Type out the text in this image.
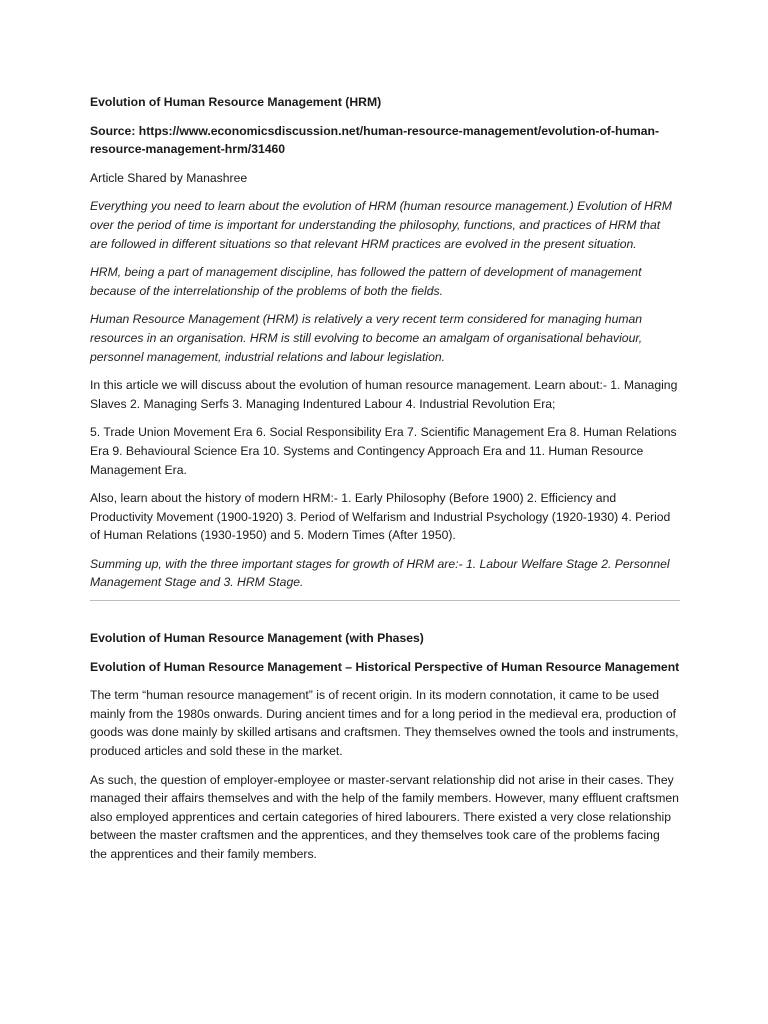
Evolution of Human Resource Management (HRM)

Source: https://www.economicsdiscussion.net/human-resource-management/evolution-of-human-resource-management-hrm/31460

Article Shared by Manashree

Everything you need to learn about the evolution of HRM (human resource management.) Evolution of HRM over the period of time is important for understanding the philosophy, functions, and practices of HRM that are followed in different situations so that relevant HRM practices are evolved in the present situation.

HRM, being a part of management discipline, has followed the pattern of development of management because of the interrelationship of the problems of both the fields.

Human Resource Management (HRM) is relatively a very recent term considered for managing human resources in an organisation. HRM is still evolving to become an amalgam of organisational behaviour, personnel management, industrial relations and labour legislation.

In this article we will discuss about the evolution of human resource management. Learn about:- 1. Managing Slaves 2. Managing Serfs 3. Managing Indentured Labour 4. Industrial Revolution Era;

5. Trade Union Movement Era 6. Social Responsibility Era 7. Scientific Management Era 8. Human Relations Era 9. Behavioural Science Era 10. Systems and Contingency Approach Era and 11. Human Resource Management Era.

Also, learn about the history of modern HRM:- 1. Early Philosophy (Before 1900) 2. Efficiency and Productivity Movement (1900-1920) 3. Period of Welfarism and Industrial Psychology (1920-1930) 4. Period of Human Relations (1930-1950) and 5. Modern Times (After 1950).

Summing up, with the three important stages for growth of HRM are:- 1. Labour Welfare Stage 2. Personnel Management Stage and 3. HRM Stage.

Evolution of Human Resource Management (with Phases)

Evolution of Human Resource Management – Historical Perspective of Human Resource Management

The term “human resource management” is of recent origin. In its modern connotation, it came to be used mainly from the 1980s onwards. During ancient times and for a long period in the medieval era, production of goods was done mainly by skilled artisans and craftsmen. They themselves owned the tools and instruments, produced articles and sold these in the market.

As such, the question of employer-employee or master-servant relationship did not arise in their cases. They managed their affairs themselves and with the help of the family members. However, many effluent craftsmen also employed apprentices and certain categories of hired labourers. There existed a very close relationship between the master craftsmen and the apprentices, and they themselves took care of the problems facing the apprentices and their family members.
